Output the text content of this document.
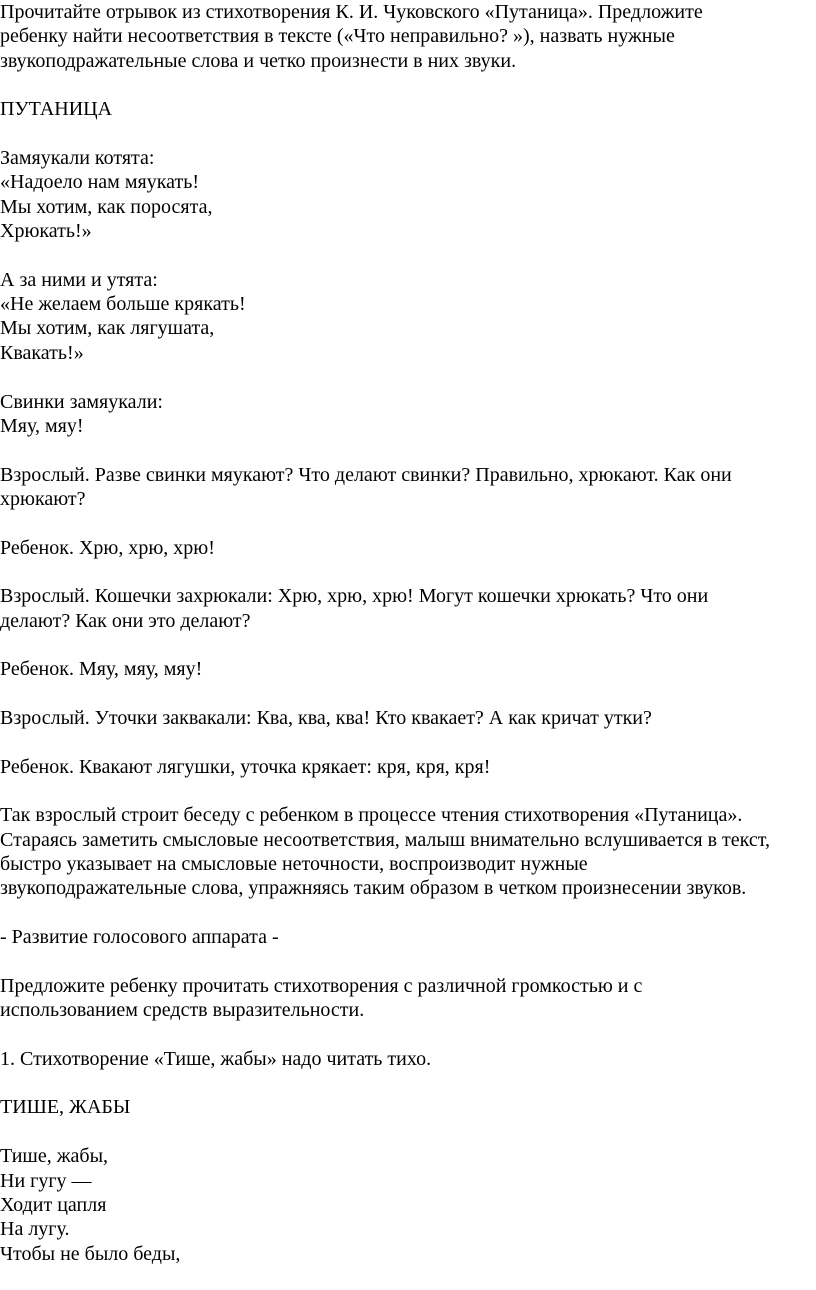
Прочитайте отрывок из стихотворения К. И. Чуковского «Путаница». Предложите
ребенку найти несоответствия в тексте («Что неправильно? »), назвать нужные
звукоподражательные слова и четко произнести в них звуки.
ПУТАНИЦА
Замяукали котята:
«Надоело нам мяукать!
Мы хотим, как поросята,
Хрюкать!»
А за ними и утята:
«Не желаем больше крякать!
Мы хотим, как лягушата,
Квакать!»
Свинки замяукали:
Мяу, мяу!
Взрослый. Разве свинки мяукают? Что делают свинки? Правильно, хрюкают. Как они
хрюкают?
Ребенок. Хрю, хрю, хрю!
Взрослый. Кошечки захрюкали: Хрю, хрю, хрю! Могут кошечки хрюкать? Что они
делают? Как они это делают?
Ребенок. Мяу, мяу, мяу!
Взрослый. Уточки заквакали: Ква, ква, ква! Кто квакает? А как кричат утки?
Ребенок. Квакают лягушки, уточка крякает: кря, кря, кря!
Так взрослый строит беседу с ребенком в процессе чтения стихотворения «Путаница».
Стараясь заметить смысловые несоответствия, малыш внимательно вслушивается в текст,
быстро указывает на смысловые неточности, воспроизводит нужные
звукоподражательные слова, упражняясь таким образом в четком произнесении звуков.
- Развитие голосового аппарата -
Предложите ребенку прочитать стихотворения с различной громкостью и с
использованием средств выразительности.
1. Стихотворение «Тише, жабы» надо читать тихо.
ТИШЕ, ЖАБЫ
Тише, жабы,
Ни гугу —
Ходит цапля
На лугу.
Чтобы не было беды,
